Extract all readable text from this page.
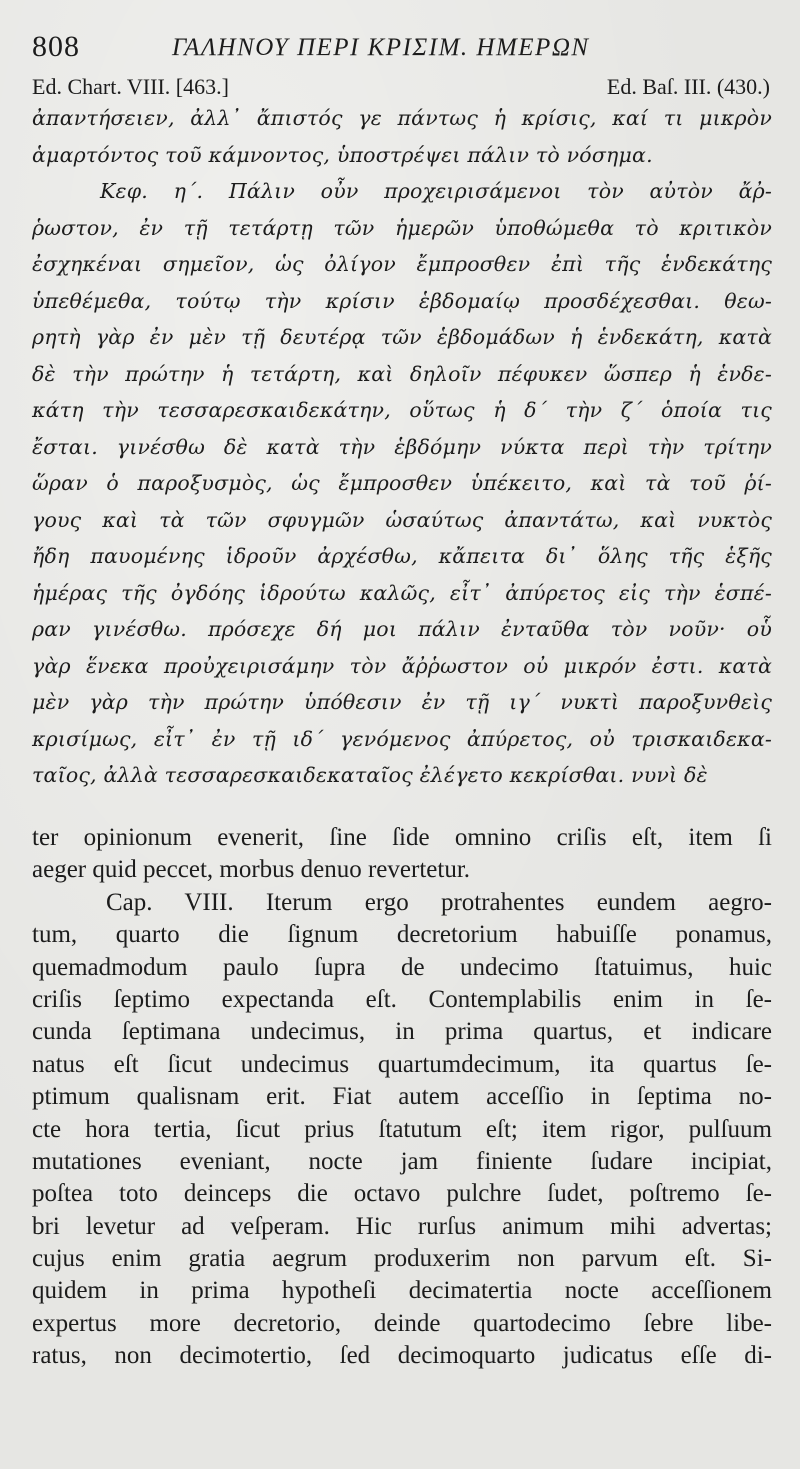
808	ΓΑΛΗΝΟΥ ΠΕΡΙ ΚΡΙΣΙΜ. ΗΜΕΡΩΝ
Ed. Chart. VIII. [463.]	Ed. Baſ. III. (430.)
ἀπαντήσειεν, ἀλλ᾽ ἄπιστός γε πάντως ἡ κρίσις, καί τι μικρὸν
ἁμαρτόντος τοῦ κάμνοντος, ὑποστρέψει πάλιν τὸ νόσημα.
Κεφ. η΄. Πάλιν οὖν προχειρισάμενοι τὸν αὐτὸν ἄῤ-
ῥωστον, ἐν τῇ τετάρτῃ τῶν ἡμερῶν ὑποθώμεθα τὸ κριτικὸν
ἐσχηκέναι σημεῖον, ὡς ὀλίγον ἔμπροσθεν ἐπὶ τῆς ἑνδεκάτης
ὑπεθέμεθα, τούτῳ τὴν κρίσιν ἑβδομαίῳ προσδέχεσθαι. θεω-
ρητὴ γὰρ ἐν μὲν τῇ δευτέρᾳ τῶν ἑβδομάδων ἡ ἑνδεκάτη, κατὰ
δὲ τὴν πρώτην ἡ τετάρτη, καὶ δηλοῖν πέφυκεν ὥσπερ ἡ ἑνδε-
κάτη τὴν τεσσαρεσκαιδεκάτην, οὕτως ἡ δ΄ τὴν ζ΄ ὁποία τις
ἔσται. γινέσθω δὲ κατὰ τὴν ἑβδόμην νύκτα περὶ τὴν τρίτην
ὥραν ὁ παροξυσμὸς, ὡς ἔμπροσθεν ὑπέκειτο, καὶ τὰ τοῦ ῥί-
γους καὶ τὰ τῶν σφυγμῶν ὡσαύτως ἀπαντάτω, καὶ νυκτὸς
ἤδη παυομένης ἱδροῦν ἀρχέσθω, κἄπειτα δι᾽ ὅλης τῆς ἑξῆς
ἡμέρας τῆς ὀγδόης ἱδρούτω καλῶς, εἶτ᾽ ἀπύρετος εἰς τὴν ἑσπέ-
ραν γινέσθω. πρόσεχε δή μοι πάλιν ἐνταῦθα τὸν νοῦν· οὗ
γὰρ ἕνεκα προὐχειρισάμην τὸν ἄῤῥωστον οὐ μικρόν ἐστι. κατὰ
μὲν γὰρ τὴν πρώτην ὑπόθεσιν ἐν τῇ ιγ΄ νυκτὶ παροξυνθεὶς
κρισίμως, εἶτ᾽ ἐν τῇ ιδ΄ γενόμενος ἀπύρετος, οὐ τρισκαιδεκα-
ταῖος, ἀλλὰ τεσσαρεσκαιδεκαταῖος ἐλέγετο κεκρίσθαι. νυνὶ δὲ
ter opinionum evenerit, ſine ſide omnino criſis eſt, item ſi
aeger quid peccet, morbus denuo revertetur.
Cap. VIII. Iterum ergo protrahentes eundem aegro-
tum, quarto die ſignum decretorium habuiſſe ponamus,
quemadmodum paulo ſupra de undecimo ſtatuimus, huic
criſis ſeptimo expectanda eſt. Contemplabilis enim in ſe-
cunda ſeptimana undecimus, in prima quartus, et indicare
natus eſt ſicut undecimus quartumdecimum, ita quartus ſe-
ptimum qualisnam erit. Fiat autem acceſſio in ſeptima no-
cte hora tertia, ſicut prius ſtatutum eſt; item rigor, pulſuum
mutationes eveniant, nocte jam finiente ſudare incipiat,
poſtea toto deinceps die octavo pulchre ſudet, poſtremo ſe-
bri levetur ad veſperam. Hic rurſus animum mihi advertas;
cujus enim gratia aegrum produxerim non parvum eſt. Si-
quidem in prima hypotheſi decimatertia nocte acceſſionem
expertus more decretorio, deinde quartodecimo ſebre libe-
ratus, non decimotertio, ſed decimoquarto judicatus eſſe di-
